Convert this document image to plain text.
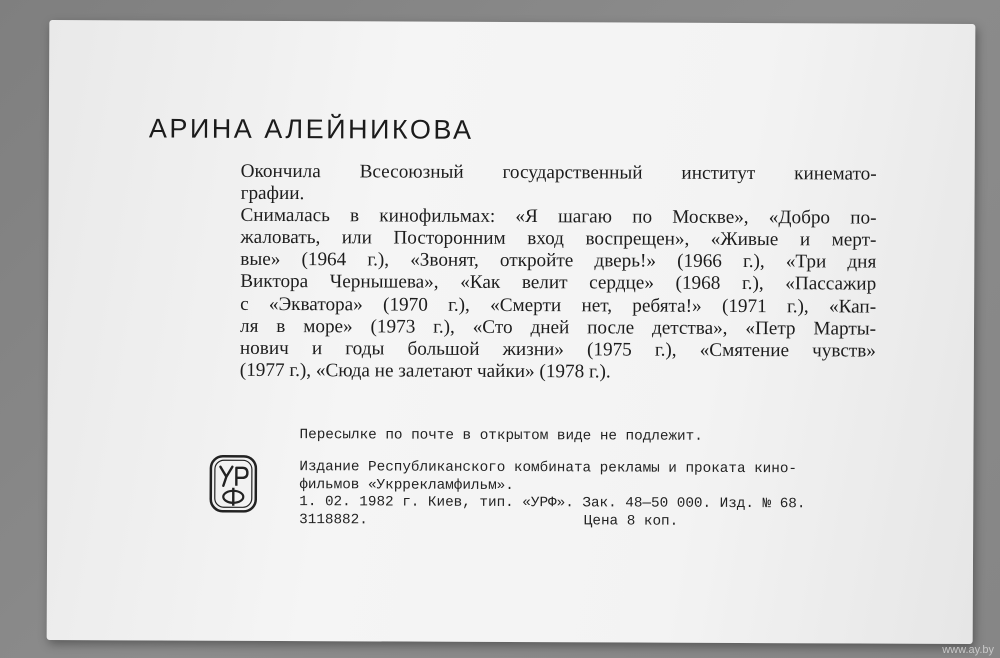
АРИНА АЛЕЙНИКОВА
Окончила Всесоюзный государственный институт кинемато-
графии.
Снималась в кинофильмах: «Я шагаю по Москве», «Добро по-
жаловать, или Посторонним вход воспрещен», «Живые и мерт-
вые» (1964 г.), «Звонят, откройте дверь!» (1966 г.), «Три дня
Виктора Чернышева», «Как велит сердце» (1968 г.), «Пассажир
с «Экватора» (1970 г.), «Смерти нет, ребята!» (1971 г.), «Кап-
ля в море» (1973 г.), «Сто дней после детства», «Петр Марты-
нович и годы большой жизни» (1975 г.), «Смятение чувств»
(1977 г.), «Сюда не залетают чайки» (1978 г.).

Пересылке по почте в открытом виде не подлежит.

Издание Республиканского комбината рекламы и проката кино-
фильмов «Укррекламфильм».
1. 02. 1982 г. Киев, тип. «УРФ». Зак. 48—50 000. Изд. № 68.
3118882.	Цена 8 коп.
www.ay.by
